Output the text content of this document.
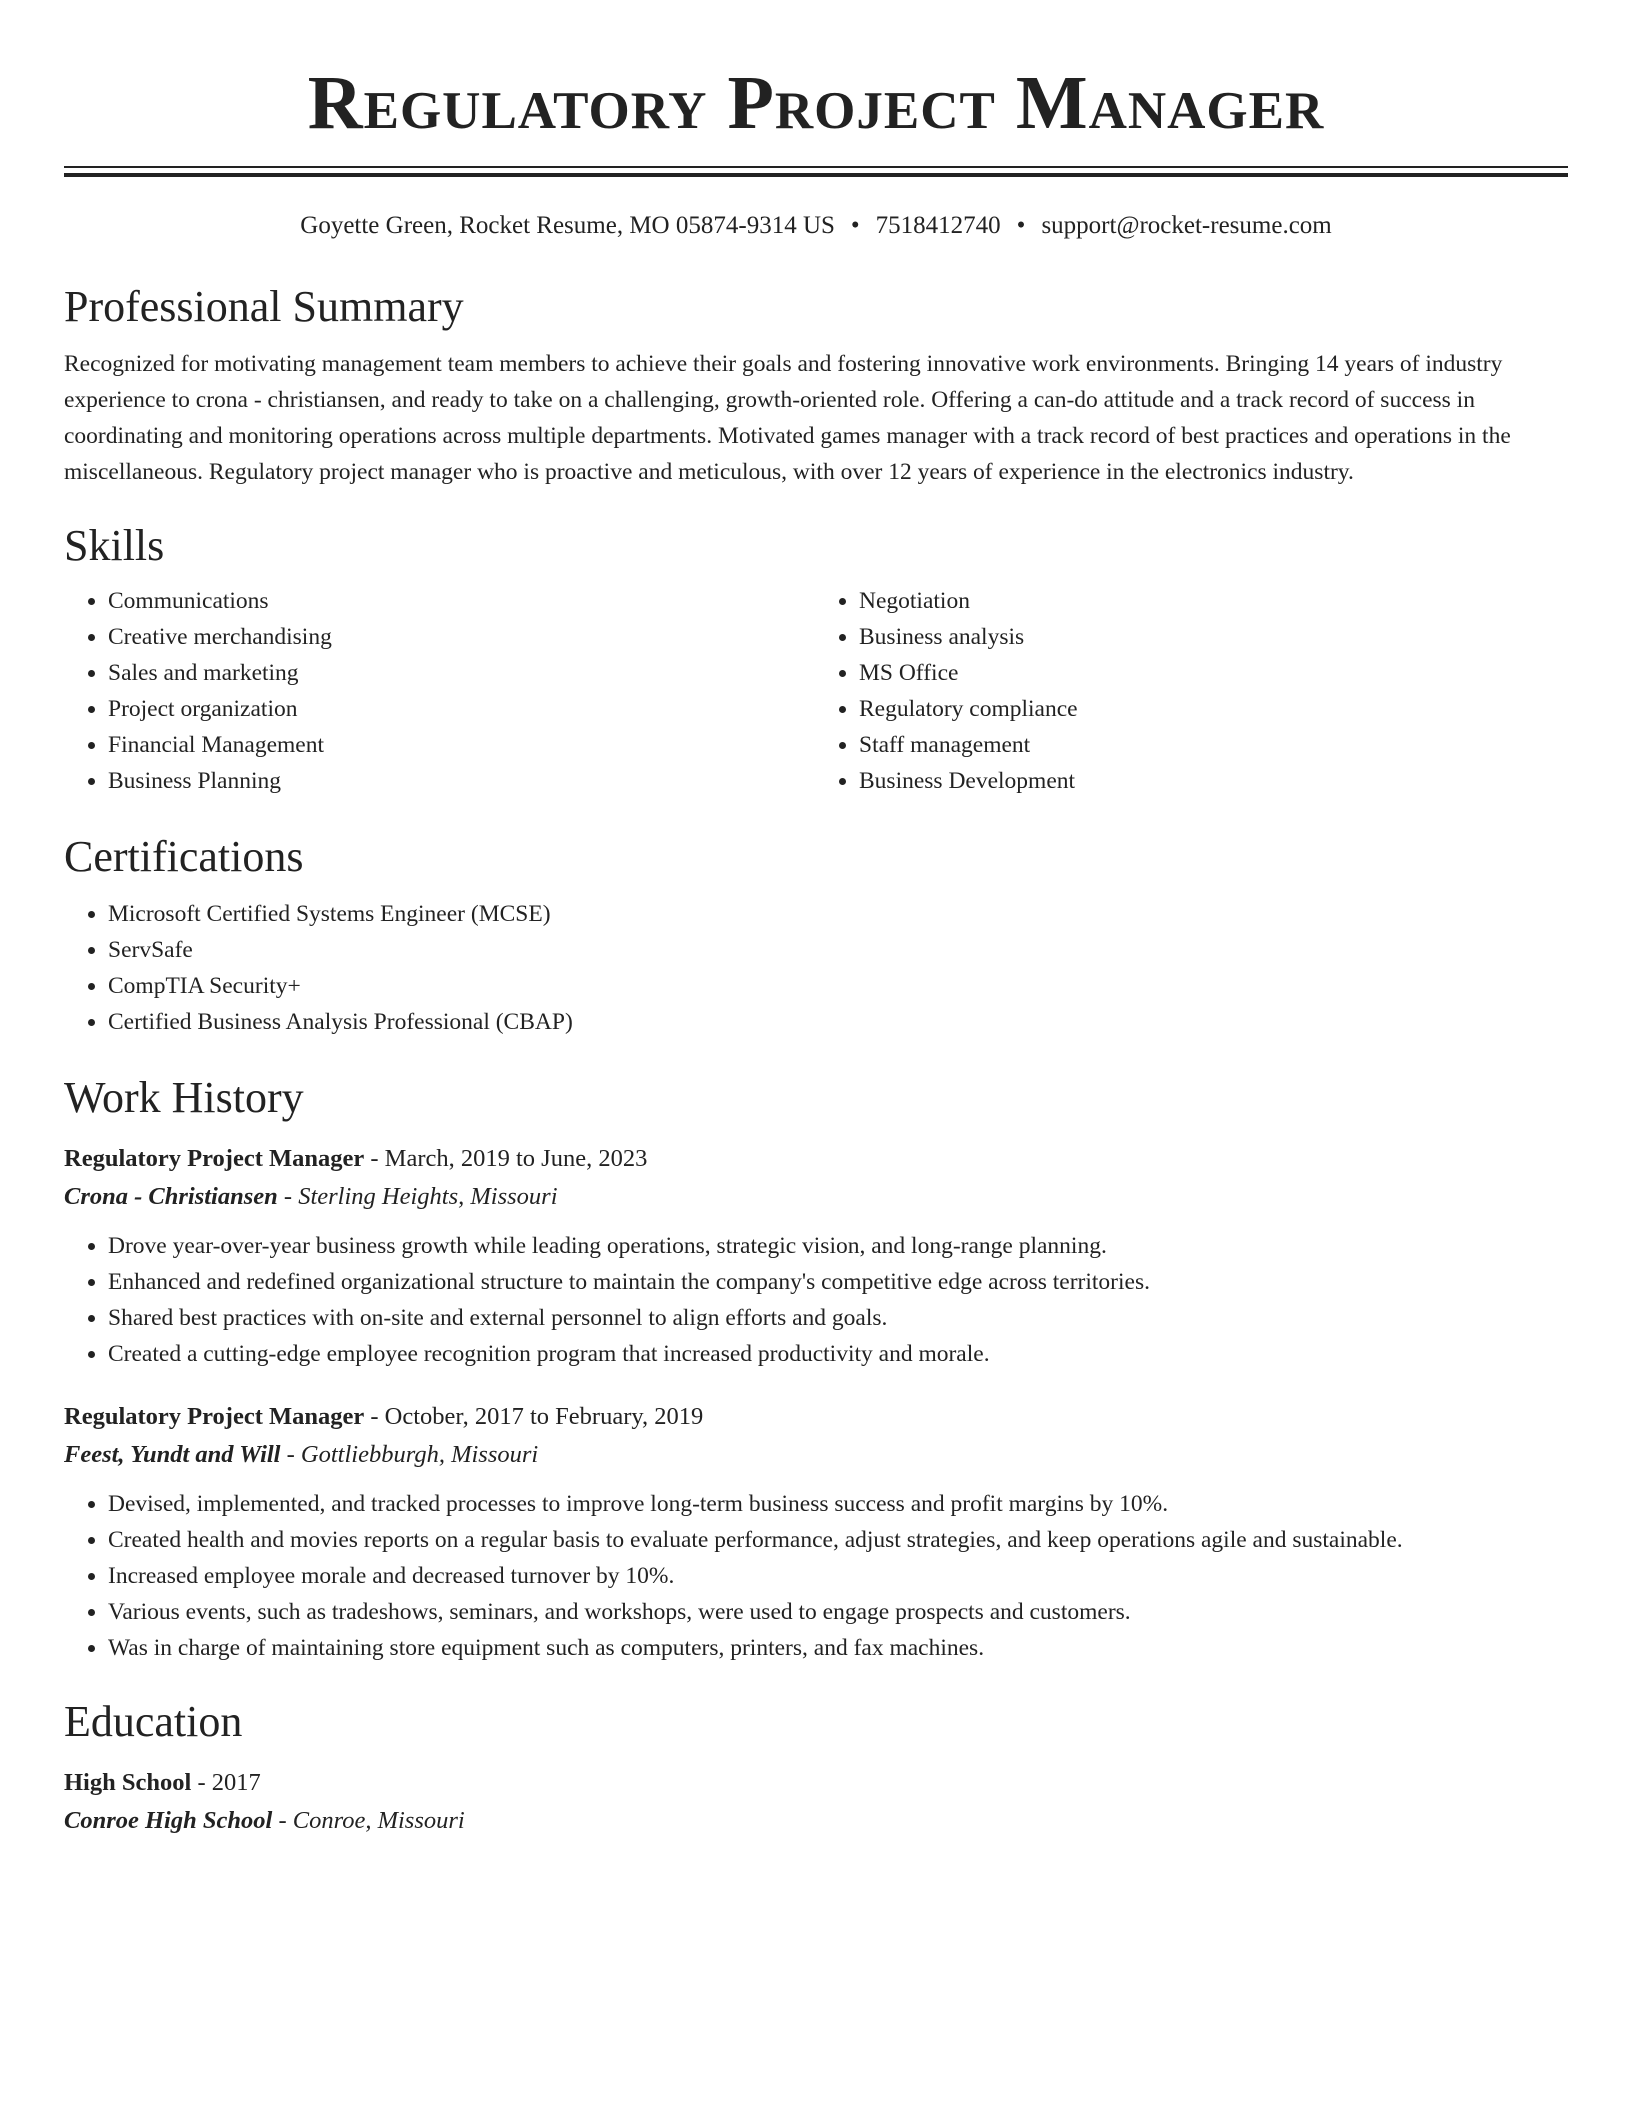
Regulatory Project Manager
Goyette Green, Rocket Resume, MO 05874-9314 US • 7518412740 • support@rocket-resume.com
Professional Summary

Recognized for motivating management team members to achieve their goals and fostering innovative work environments. Bringing 14 years of industry experience to crona - christiansen, and ready to take on a challenging, growth-oriented role. Offering a can-do attitude and a track record of success in coordinating and monitoring operations across multiple departments. Motivated games manager with a track record of best practices and operations in the miscellaneous. Regulatory project manager who is proactive and meticulous, with over 12 years of experience in the electronics industry.

Skills
• Communications
• Creative merchandising
• Sales and marketing
• Project organization
• Financial Management
• Business Planning
• Negotiation
• Business analysis
• MS Office
• Regulatory compliance
• Staff management
• Business Development
Certifications
• Microsoft Certified Systems Engineer (MCSE)
• ServSafe
• CompTIA Security+
• Certified Business Analysis Professional (CBAP)
Work History
Regulatory Project Manager - March, 2019 to June, 2023
Crona - Christiansen - Sterling Heights, Missouri
• Drove year-over-year business growth while leading operations, strategic vision, and long-range planning.
• Enhanced and redefined organizational structure to maintain the company's competitive edge across territories.
• Shared best practices with on-site and external personnel to align efforts and goals.
• Created a cutting-edge employee recognition program that increased productivity and morale.
Regulatory Project Manager - October, 2017 to February, 2019
Feest, Yundt and Will - Gottliebburgh, Missouri
• Devised, implemented, and tracked processes to improve long-term business success and profit margins by 10%.
• Created health and movies reports on a regular basis to evaluate performance, adjust strategies, and keep operations agile and sustainable.
• Increased employee morale and decreased turnover by 10%.
• Various events, such as tradeshows, seminars, and workshops, were used to engage prospects and customers.
• Was in charge of maintaining store equipment such as computers, printers, and fax machines.
Education
High School - 2017
Conroe High School - Conroe, Missouri
